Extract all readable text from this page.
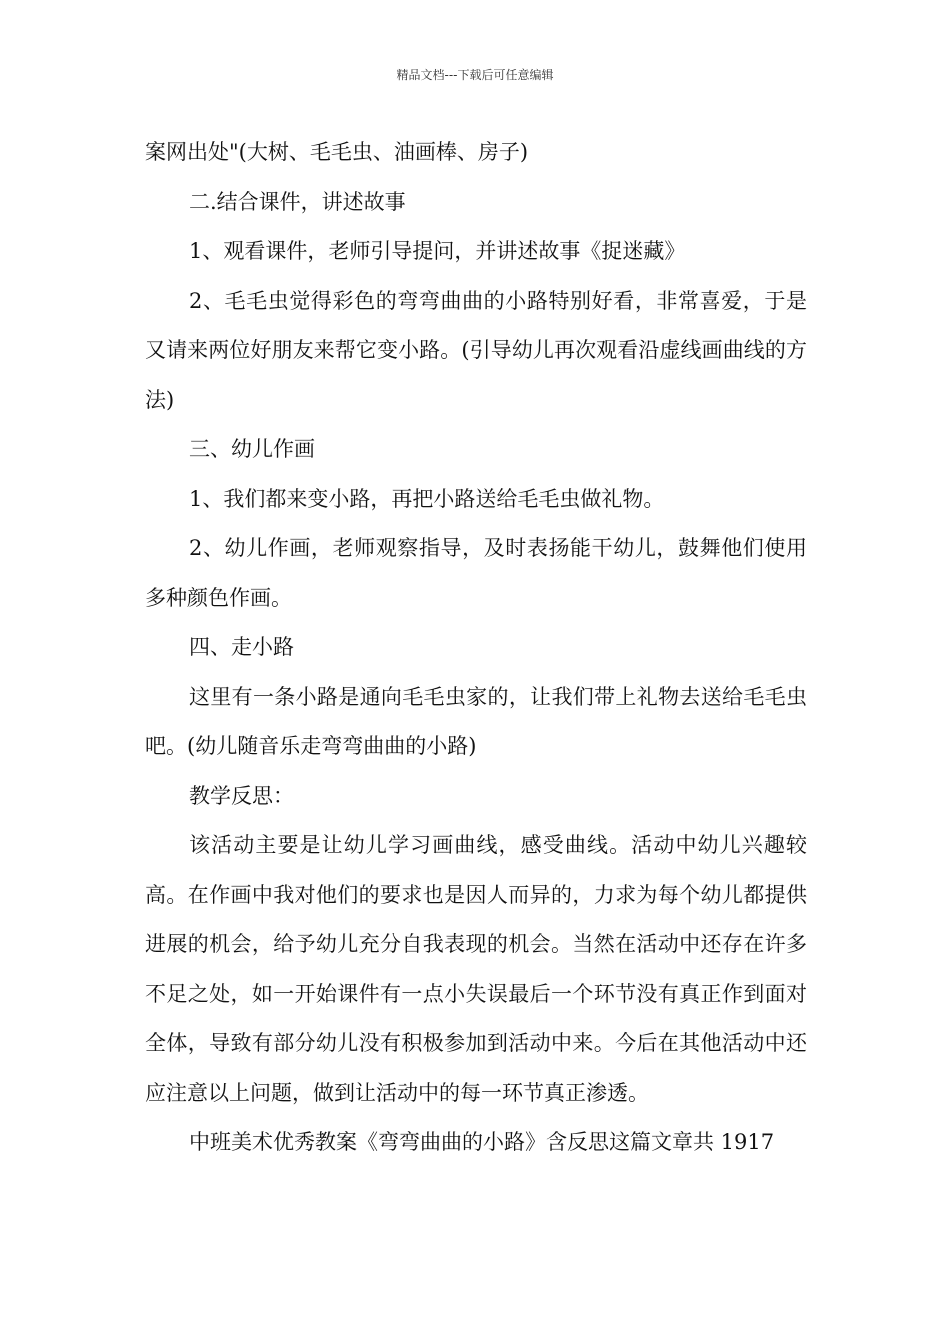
精品文档---下载后可任意编辑

案网出处"(大树、毛毛虫、油画棒、房子)

二.结合课件，讲述故事

1、观看课件，老师引导提问，并讲述故事《捉迷藏》

2、毛毛虫觉得彩色的弯弯曲曲的小路特别好看，非常喜爱，于是又请来两位好朋友来帮它变小路。(引导幼儿再次观看沿虚线画曲线的方法)

三、幼儿作画

1、我们都来变小路，再把小路送给毛毛虫做礼物。

2、幼儿作画，老师观察指导，及时表扬能干幼儿，鼓舞他们使用多种颜色作画。

四、走小路

这里有一条小路是通向毛毛虫家的，让我们带上礼物去送给毛毛虫吧。(幼儿随音乐走弯弯曲曲的小路)

教学反思：

该活动主要是让幼儿学习画曲线，感受曲线。活动中幼儿兴趣较高。在作画中我对他们的要求也是因人而异的，力求为每个幼儿都提供进展的机会，给予幼儿充分自我表现的机会。当然在活动中还存在许多不足之处，如一开始课件有一点小失误最后一个环节没有真正作到面对全体，导致有部分幼儿没有积极参加到活动中来。今后在其他活动中还应注意以上问题，做到让活动中的每一环节真正渗透。

中班美术优秀教案《弯弯曲曲的小路》含反思这篇文章共 1917
